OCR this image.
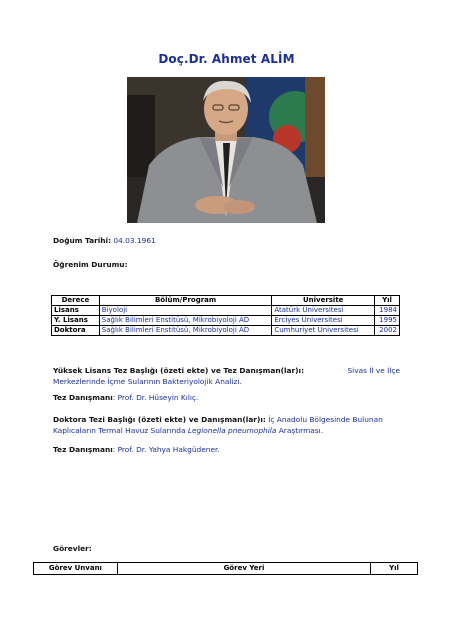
Doç.Dr. Ahmet ALİM
Doğum Tarihi: 04.03.1961
Öğrenim Durumu:
Derece	Bölüm/Program	Üniversite	Yıl
Lisans	Biyoloji	Atatürk Üniversitesi	1984
Y. Lisans	Sağlık Bilimleri Enstitüsü, Mikrobiyoloji AD	Erciyes Üniversitesi	1995
Doktora	Sağlık Bilimleri Enstitüsü, Mikrobiyoloji AD	Cumhuriyet Üniversitesi	2002
Yüksek Lisans Tez Başlığı (özeti ekte) ve Tez Danışman(lar)ı:	Sivas İl ve İlçe
Merkezlerinde İçme Sularının Bakteriyolojik Analizi.
Tez Danışmanı: Prof. Dr. Hüseyin Kılıç.
Doktora Tezi Başlığı (özeti ekte) ve Danışman(lar)ı: İç Anadolu Bölgesinde Bulunan
Kaplıcaların Termal Havuz Sularında Legionella pneumophila Araştırması.
Tez Danışmanı: Prof. Dr. Yahya Hakgüdener.
Görevler:
Görev Unvanı	Görev Yeri	Yıl
